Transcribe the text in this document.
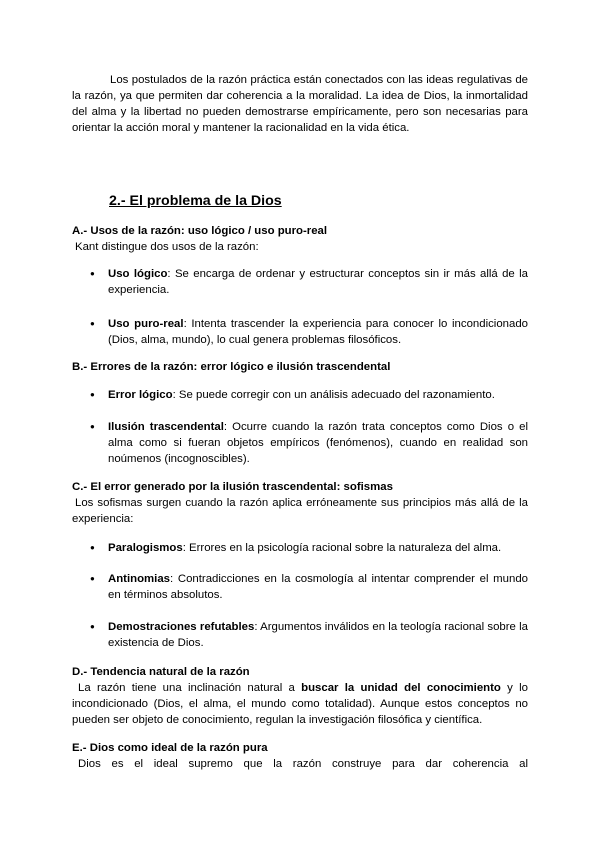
Los postulados de la razón práctica están conectados con las ideas regulativas de la razón, ya que permiten dar coherencia a la moralidad. La idea de Dios, la inmortalidad del alma y la libertad no pueden demostrarse empíricamente, pero son necesarias para orientar la acción moral y mantener la racionalidad en la vida ética.

2.- El problema de la Dios
A.- Usos de la razón: uso lógico / uso puro-real

Kant distingue dos usos de la razón:

● Uso lógico: Se encarga de ordenar y estructurar conceptos sin ir más allá de la experiencia.
● Uso puro-real: Intenta trascender la experiencia para conocer lo incondicionado (Dios, alma, mundo), lo cual genera problemas filosóficos.
B.- Errores de la razón: error lógico e ilusión trascendental
● Error lógico: Se puede corregir con un análisis adecuado del razonamiento.
● Ilusión trascendental: Ocurre cuando la razón trata conceptos como Dios o el alma como si fueran objetos empíricos (fenómenos), cuando en realidad son noúmenos (incognoscibles).
C.- El error generado por la ilusión trascendental: sofismas

Los sofismas surgen cuando la razón aplica erróneamente sus principios más allá de la experiencia:

● Paralogismos: Errores en la psicología racional sobre la naturaleza del alma.
● Antinomias: Contradicciones en la cosmología al intentar comprender el mundo en términos absolutos.
● Demostraciones refutables: Argumentos inválidos en la teología racional sobre la existencia de Dios.
D.- Tendencia natural de la razón

La razón tiene una inclinación natural a buscar la unidad del conocimiento y lo incondicionado (Dios, el alma, el mundo como totalidad). Aunque estos conceptos no pueden ser objeto de conocimiento, regulan la investigación filosófica y científica.

E.- Dios como ideal de la razón pura

Dios es el ideal supremo que la razón construye para dar coherencia al
